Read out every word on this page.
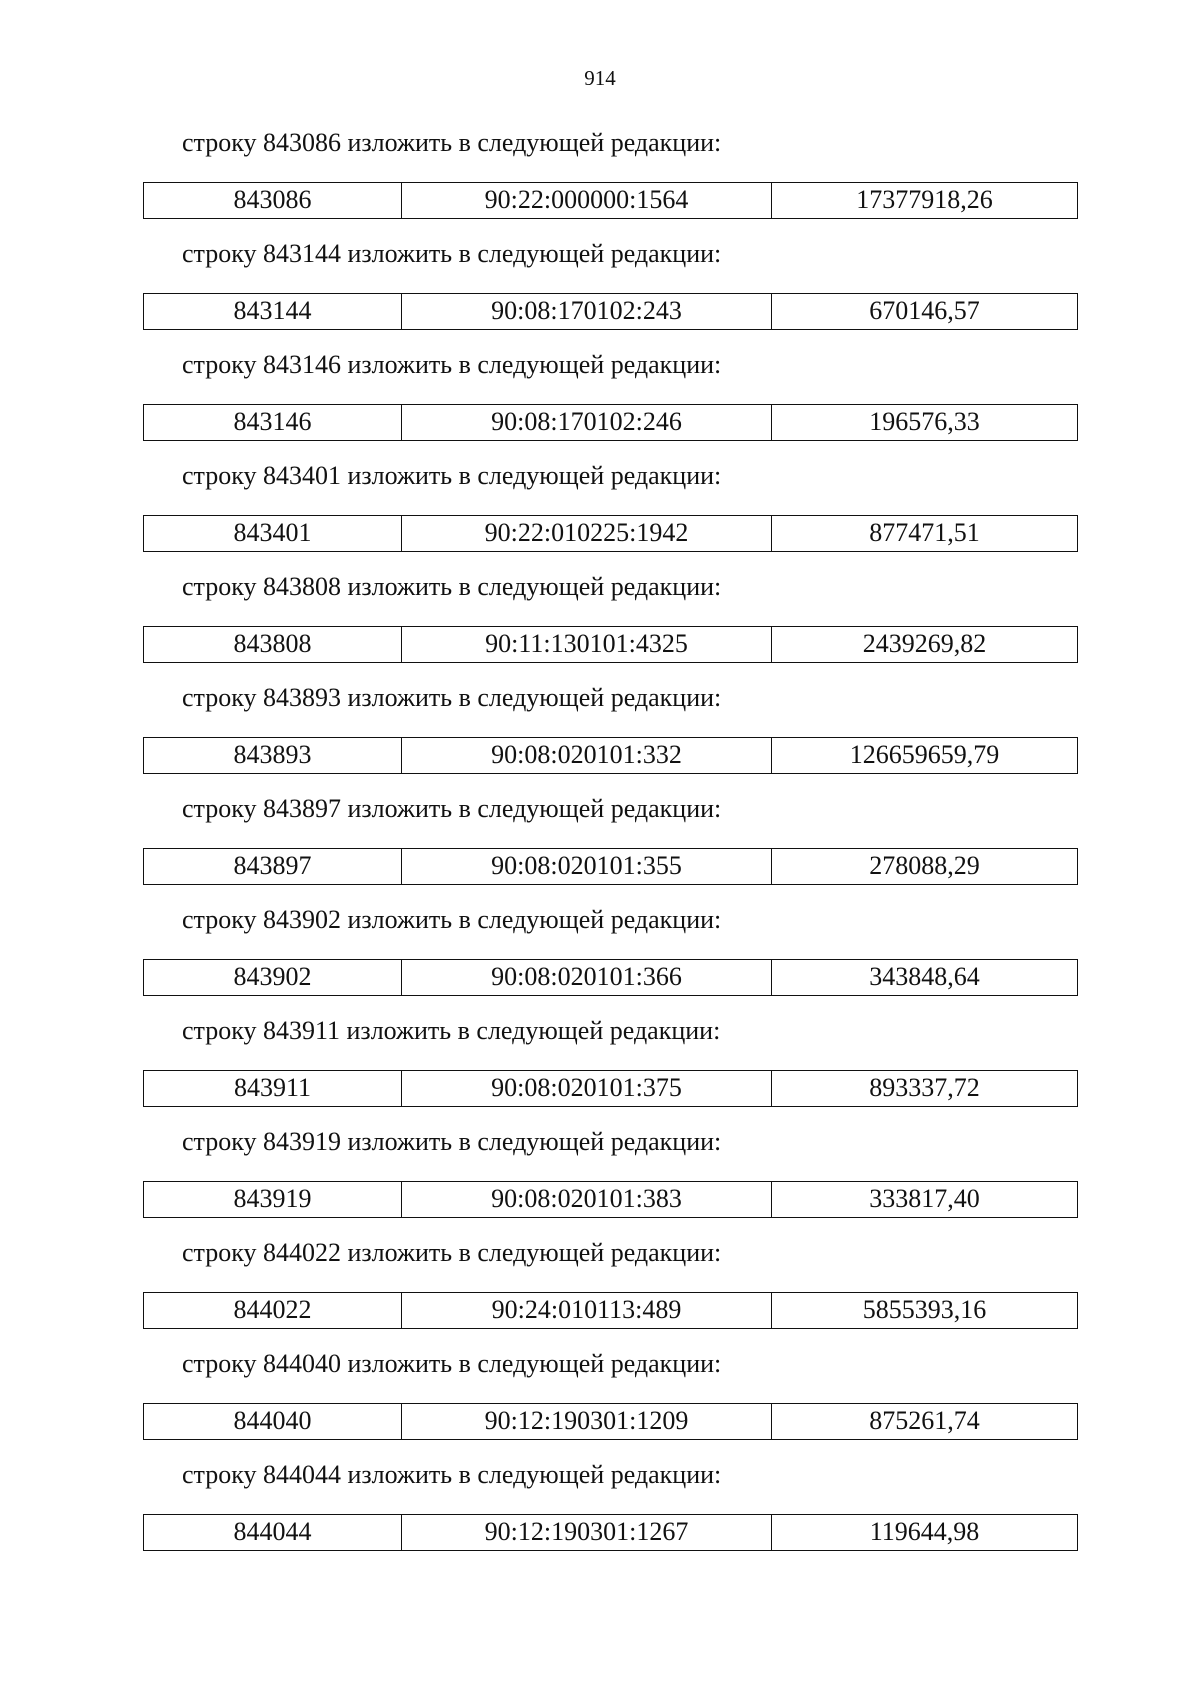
914
строку 843086 изложить в следующей редакции:
843086	90:22:000000:1564	17377918,26
строку 843144 изложить в следующей редакции:
843144	90:08:170102:243	670146,57
строку 843146 изложить в следующей редакции:
843146	90:08:170102:246	196576,33
строку 843401 изложить в следующей редакции:
843401	90:22:010225:1942	877471,51
строку 843808 изложить в следующей редакции:
843808	90:11:130101:4325	2439269,82
строку 843893 изложить в следующей редакции:
843893	90:08:020101:332	126659659,79
строку 843897 изложить в следующей редакции:
843897	90:08:020101:355	278088,29
строку 843902 изложить в следующей редакции:
843902	90:08:020101:366	343848,64
строку 843911 изложить в следующей редакции:
843911	90:08:020101:375	893337,72
строку 843919 изложить в следующей редакции:
843919	90:08:020101:383	333817,40
строку 844022 изложить в следующей редакции:
844022	90:24:010113:489	5855393,16
строку 844040 изложить в следующей редакции:
844040	90:12:190301:1209	875261,74
строку 844044 изложить в следующей редакции:
844044	90:12:190301:1267	119644,98
